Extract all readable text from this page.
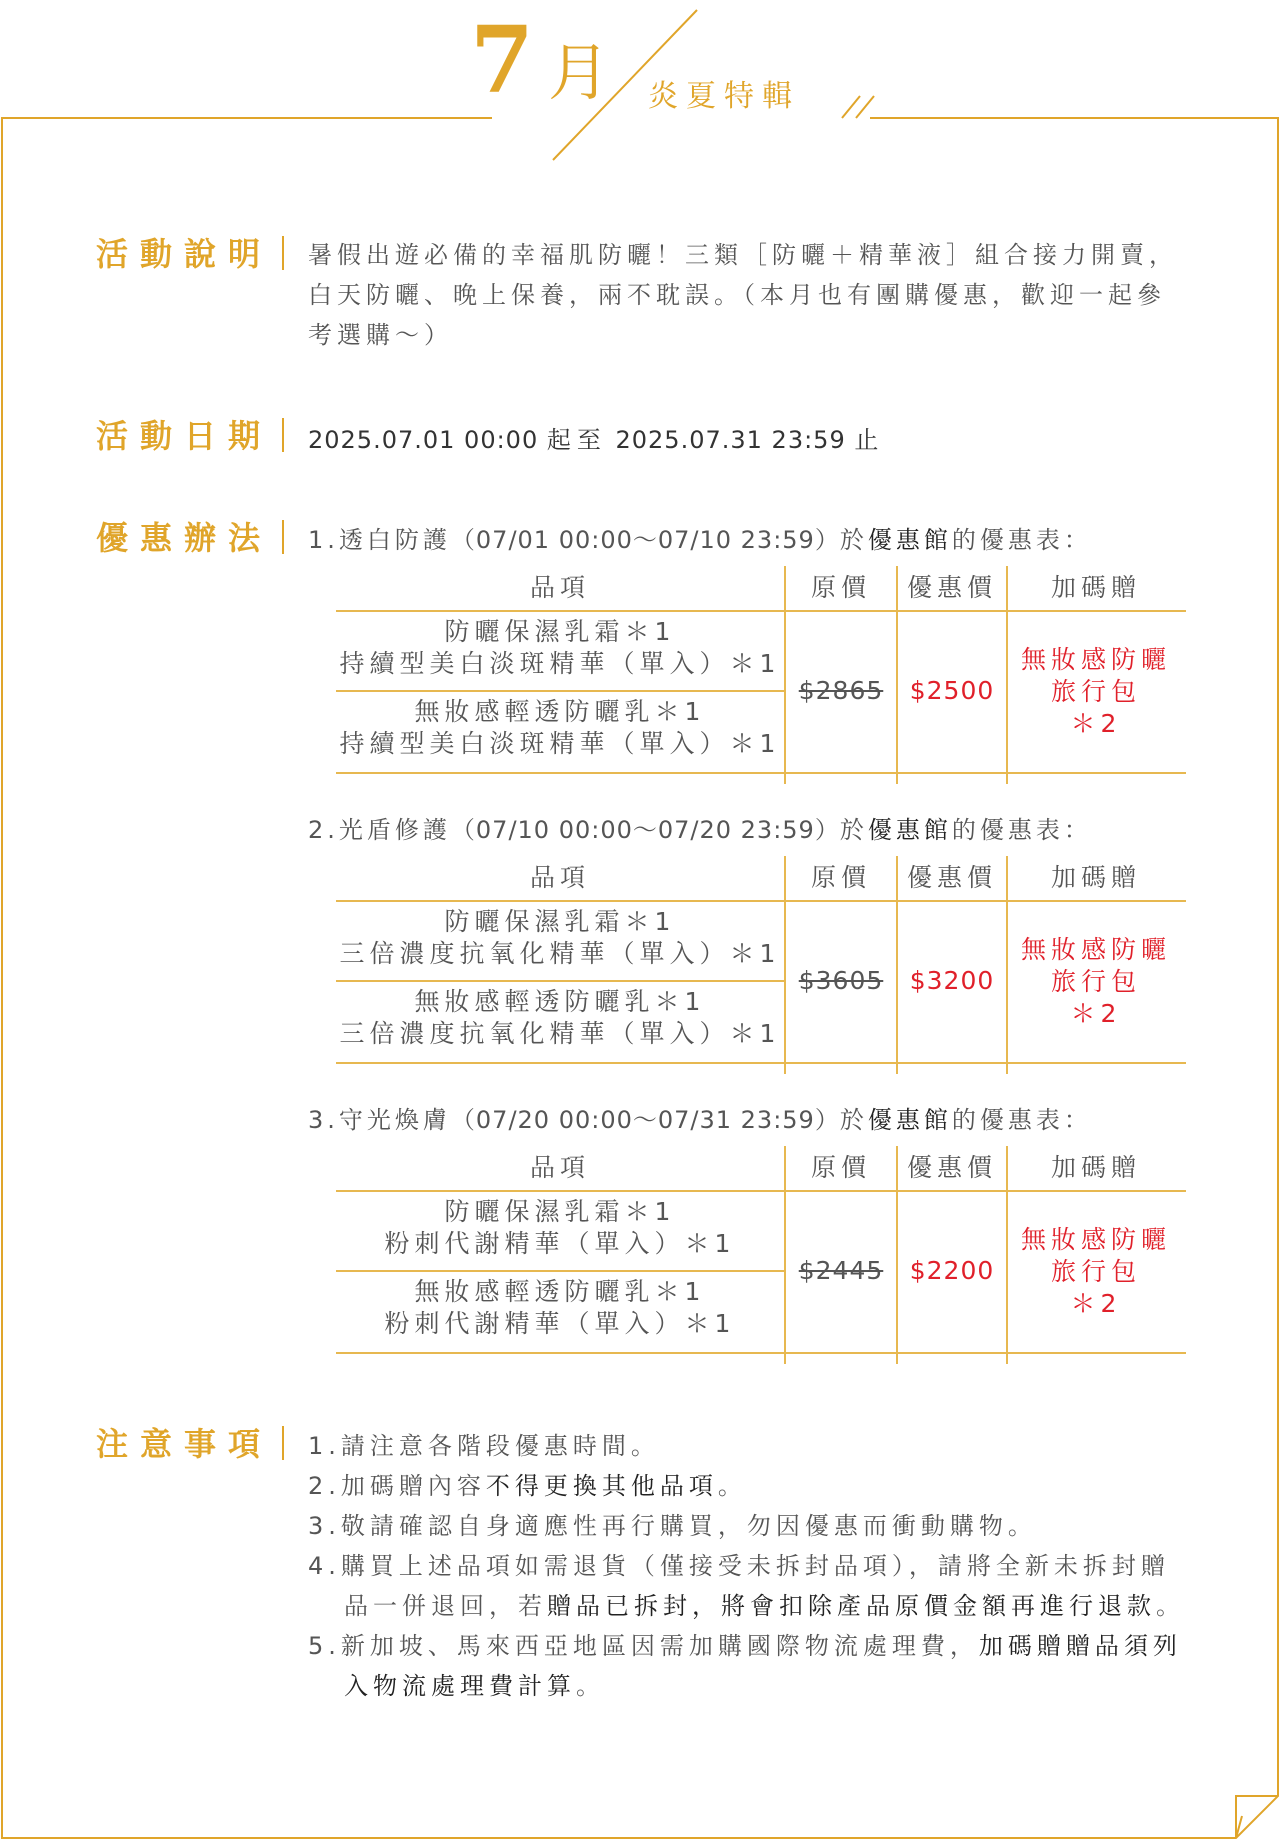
7 月 炎夏特輯
活動說明 暑假出遊必備的幸福肌防曬！三類［防曬＋精華液］組合接力開賣，白天防曬、晚上保養，兩不耽誤。（本月也有團購優惠，歡迎一起參考選購～）
活動日期 2025.07.01 00:00 起至 2025.07.31 23:59 止
優惠辦法 1.透白防護（07/01 00:00～07/10 23:59）於優惠館的優惠表：
品項	原價	優惠價	加碼贈
防曬保濕乳霜＊1
持續型美白淡斑精華（單入）＊1
無妝感輕透防曬乳＊1
持續型美白淡斑精華（單入）＊1
$2865	$2500
無妝感防曬
旅行包
＊2
2.光盾修護（07/10 00:00～07/20 23:59）於優惠館的優惠表：
品項	原價	優惠價	加碼贈
防曬保濕乳霜＊1
三倍濃度抗氧化精華（單入）＊1
無妝感輕透防曬乳＊1
三倍濃度抗氧化精華（單入）＊1
$3605	$3200
無妝感防曬
旅行包
＊2
3.守光煥膚（07/20 00:00～07/31 23:59）於優惠館的優惠表：
品項	原價	優惠價	加碼贈
防曬保濕乳霜＊1
粉刺代謝精華（單入）＊1
無妝感輕透防曬乳＊1
粉刺代謝精華（單入）＊1
$2445	$2200
無妝感防曬
旅行包
＊2
注意事項 1.請注意各階段優惠時間。
2.加碼贈內容不得更換其他品項。
3.敬請確認自身適應性再行購買，勿因優惠而衝動購物。
4.購買上述品項如需退貨（僅接受未拆封品項），請將全新未拆封贈品一併退回，若贈品已拆封，將會扣除產品原價金額再進行退款。
5.新加坡、馬來西亞地區因需加購國際物流處理費，加碼贈贈品須列入物流處理費計算。
